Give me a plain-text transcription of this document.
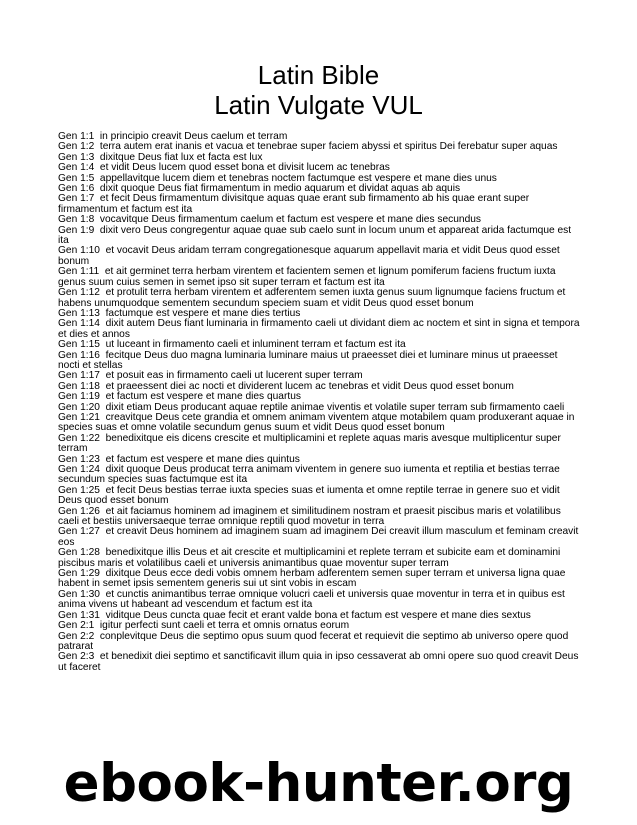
Latin Bible
Latin Vulgate VUL
Gen 1:1 in principio creavit Deus caelum et terram
Gen 1:2 terra autem erat inanis et vacua et tenebrae super faciem abyssi et spiritus Dei ferebatur super aquas
Gen 1:3 dixitque Deus fiat lux et facta est lux
Gen 1:4 et vidit Deus lucem quod esset bona et divisit lucem ac tenebras
Gen 1:5 appellavitque lucem diem et tenebras noctem factumque est vespere et mane dies unus
Gen 1:6 dixit quoque Deus fiat firmamentum in medio aquarum et dividat aquas ab aquis
Gen 1:7 et fecit Deus firmamentum divisitque aquas quae erant sub firmamento ab his quae erant super firmamentum et factum est ita
Gen 1:8 vocavitque Deus firmamentum caelum et factum est vespere et mane dies secundus
Gen 1:9 dixit vero Deus congregentur aquae quae sub caelo sunt in locum unum et appareat arida factumque est ita
Gen 1:10 et vocavit Deus aridam terram congregationesque aquarum appellavit maria et vidit Deus quod esset bonum
Gen 1:11 et ait germinet terra herbam virentem et facientem semen et lignum pomiferum faciens fructum iuxta genus suum cuius semen in semet ipso sit super terram et factum est ita
Gen 1:12 et protulit terra herbam virentem et adferentem semen iuxta genus suum lignumque faciens fructum et habens unumquodque sementem secundum speciem suam et vidit Deus quod esset bonum
Gen 1:13 factumque est vespere et mane dies tertius
Gen 1:14 dixit autem Deus fiant luminaria in firmamento caeli ut dividant diem ac noctem et sint in signa et tempora et dies et annos
Gen 1:15 ut luceant in firmamento caeli et inluminent terram et factum est ita
Gen 1:16 fecitque Deus duo magna luminaria luminare maius ut praeesset diei et luminare minus ut praeesset nocti et stellas
Gen 1:17 et posuit eas in firmamento caeli ut lucerent super terram
Gen 1:18 et praeessent diei ac nocti et dividerent lucem ac tenebras et vidit Deus quod esset bonum
Gen 1:19 et factum est vespere et mane dies quartus
Gen 1:20 dixit etiam Deus producant aquae reptile animae viventis et volatile super terram sub firmamento caeli
Gen 1:21 creavitque Deus cete grandia et omnem animam viventem atque motabilem quam produxerant aquae in species suas et omne volatile secundum genus suum et vidit Deus quod esset bonum
Gen 1:22 benedixitque eis dicens crescite et multiplicamini et replete aquas maris avesque multiplicentur super terram
Gen 1:23 et factum est vespere et mane dies quintus
Gen 1:24 dixit quoque Deus producat terra animam viventem in genere suo iumenta et reptilia et bestias terrae secundum species suas factumque est ita
Gen 1:25 et fecit Deus bestias terrae iuxta species suas et iumenta et omne reptile terrae in genere suo et vidit Deus quod esset bonum
Gen 1:26 et ait faciamus hominem ad imaginem et similitudinem nostram et praesit piscibus maris et volatilibus caeli et bestiis universaeque terrae omnique reptili quod movetur in terra
Gen 1:27 et creavit Deus hominem ad imaginem suam ad imaginem Dei creavit illum masculum et feminam creavit eos
Gen 1:28 benedixitque illis Deus et ait crescite et multiplicamini et replete terram et subicite eam et dominamini piscibus maris et volatilibus caeli et universis animantibus quae moventur super terram
Gen 1:29 dixitque Deus ecce dedi vobis omnem herbam adferentem semen super terram et universa ligna quae habent in semet ipsis sementem generis sui ut sint vobis in escam
Gen 1:30 et cunctis animantibus terrae omnique volucri caeli et universis quae moventur in terra et in quibus est anima vivens ut habeant ad vescendum et factum est ita
Gen 1:31 viditque Deus cuncta quae fecit et erant valde bona et factum est vespere et mane dies sextus
Gen 2:1 igitur perfecti sunt caeli et terra et omnis ornatus eorum
Gen 2:2 conplevitque Deus die septimo opus suum quod fecerat et requievit die septimo ab universo opere quod patrarat
Gen 2:3 et benedixit diei septimo et sanctificavit illum quia in ipso cessaverat ab omni opere suo quod creavit Deus ut faceret
ebook-hunter.org
